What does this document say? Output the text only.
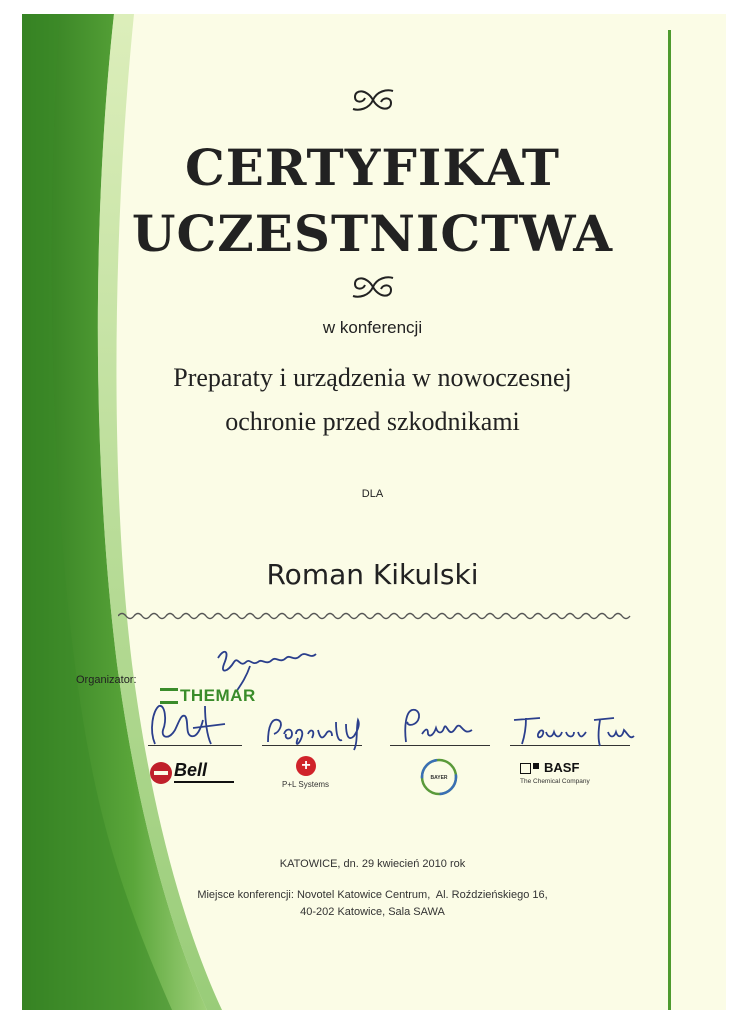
CERTYFIKAT
UCZESTNICTWA
w konferencji
Preparaty i urządzenia w nowoczesnej
ochronie przed szkodnikami
DLA
Roman Kikulski
Organizator:
THEMAR
Bell	+
P+L Systems
BAYER
BASF
The Chemical Company
KATOWICE, dn. 29 kwiecień 2010 rok
Miejsce konferencji: Novotel Katowice Centrum,  Al. Roździeńskiego 16,
40-202 Katowice, Sala SAWA
